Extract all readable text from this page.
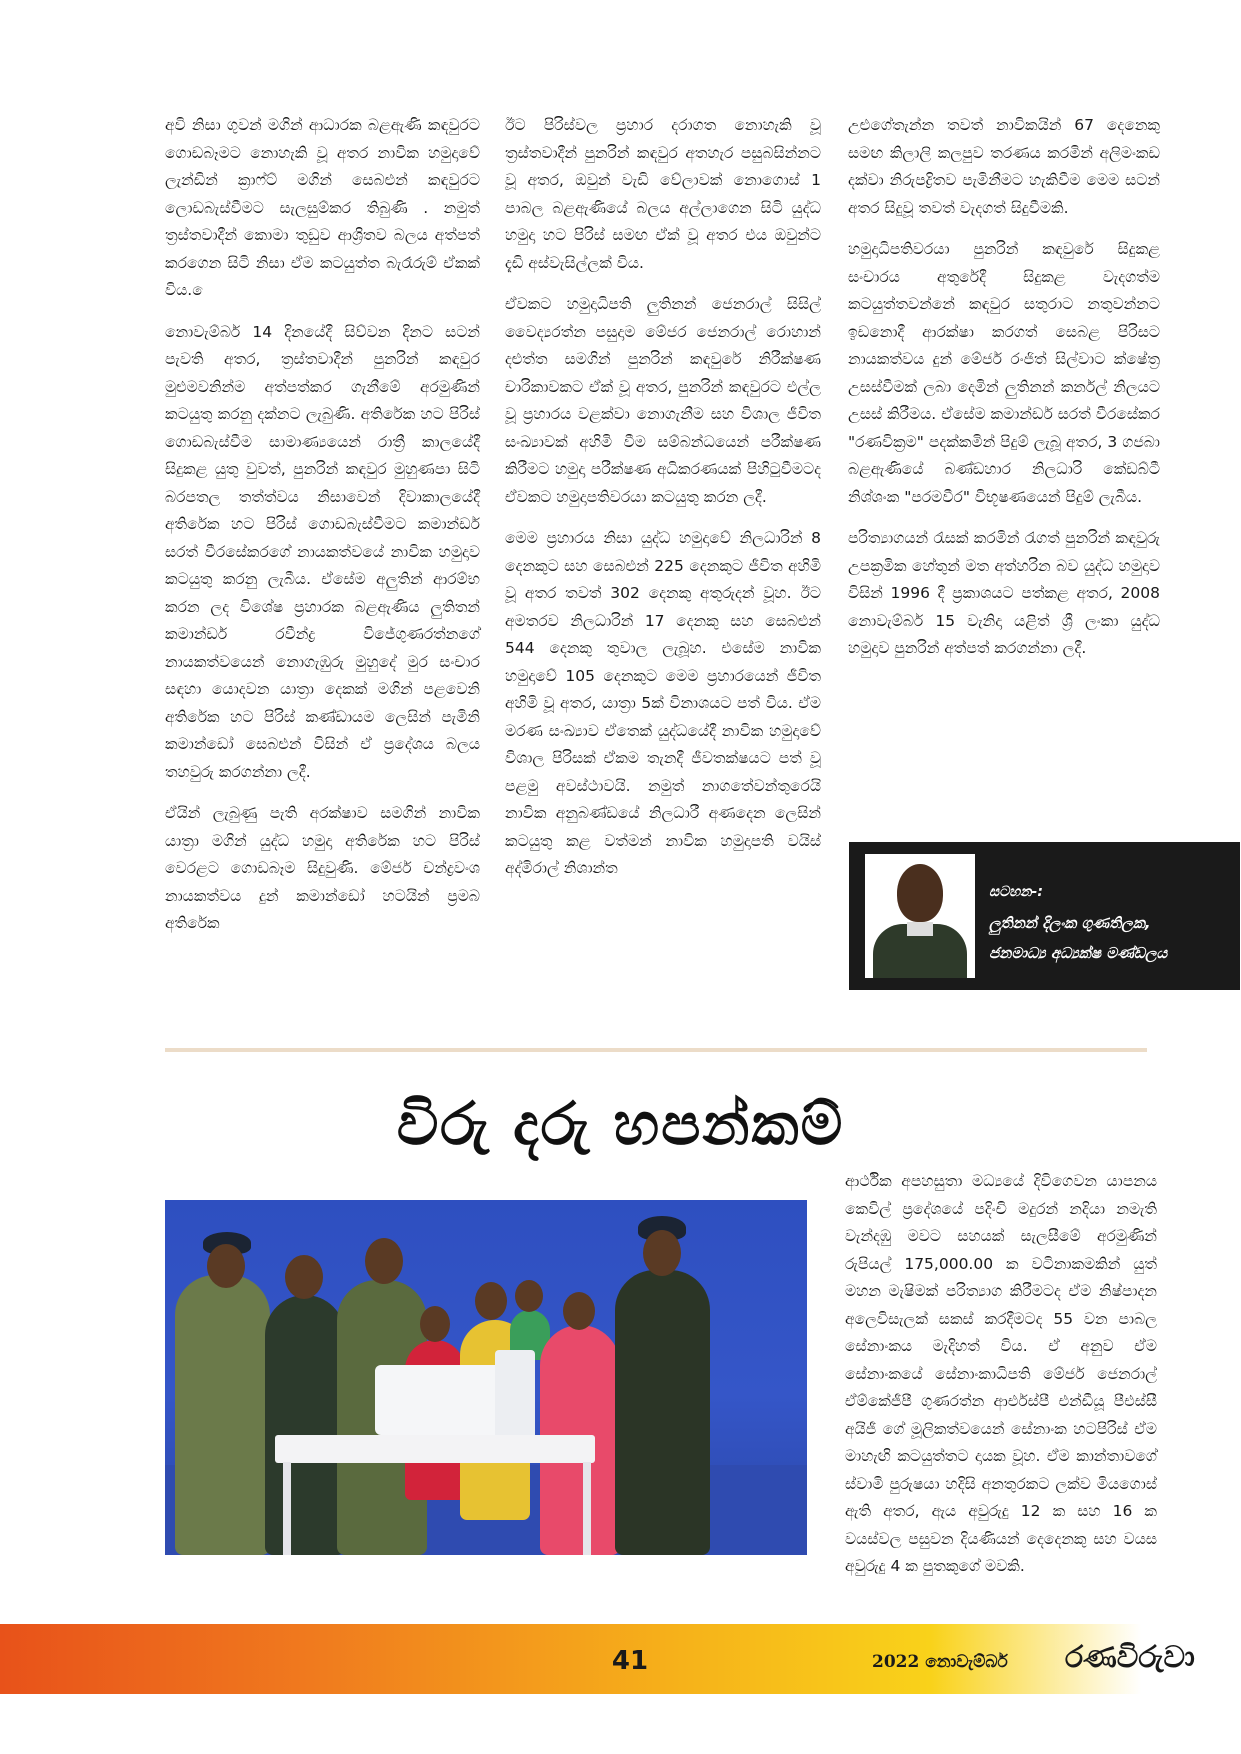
අවි නිසා ගුවන් මගින් ආධාරක බළඇණි කඳවුරට ගොඩබෑමට නොහැකි වූ අතර නාවික හමුදාවේ ලැන්ඩින් ක්‍රාෆ්ට් මගින් සෙබළුන් කඳවුරට ලොඩබැස්වීමට සැලසුම්කර තිබුණි . නමුත් ත්‍රස්තවාදීන් කොමා තුඩුව ආශ්‍රිතව බලය අත්පත් කරගෙන සිටි නිසා ඒම කටයුත්ත බැරෑරුම් ඒකක් විය. ෙ

නොවැම්බර් 14 දිනයේදී සිව්වන දිනට සටන් පැවති අතර, ත්‍රස්තවාදීන් පුනරින් කඳවුර මුළුමවනින්ම අත්පත්කර ගැනීමේ අරමුණින් කටයුතු කරනු දක්නට ලැබුණි. අතිරේක හට පිරිස් ගොඩබැස්වීම සාමාණ්‍යයෙන් රාත්‍රී කාලයේදී සිදුකළ යුතු වුවත්, පුනරින් කඳවුර මුහුණපා සිටි බරපතල තත්ත්වය නිසාවෙන් දිවාකාලයේදී අතිරේක හට පිරිස් ගොඩබැස්වීමට කමාන්ඩර් සරත් වීරසේකරගේ නායකත්වයේ නාවික හමුදාව කටයුතු කරනු ලැබීය. ඒසේම අලුතින් ආරම්භ කරන ලද විශේෂ ප්‍රහාරක බළඇණිය ලුතිතන් කමාන්ඩර් රවීන්ද්‍ර විජේගුණරත්නගේ නායකත්වයෙන් නොගැඹුරු මුහුදේ මුර සංචාර සඳහා යොදවන යාත්‍රා දෙකක් මගින් පළවෙනි අතිරේක හට පිරිස් කණ්ඩායම ලෙසින් පැමිනි කමාන්ඩෝ සෙබළුන් විසින් ඒ ප්‍රදේශය බලය තහවුරු කරගන්නා ලදී.

ඒයින් ලැබුණු පැති අරක්ෂාව සමගින් නාවික යාත්‍රා මගින් යුද්ධ හමුදා අතිරේක හට පිරිස් වෙරළට ගොඩබෑම සිදුවුණි. මේජර් චන්ද්‍රවංශ නායකත්වය දුන් කමාන්ඩෝ හටයින් ප්‍රමබ අතිරේක

ඊට පිරිස්වල ප්‍රහාර දරාගත නොහැකි වූ ත්‍රස්තවාදීන් පුනරින් කඳවුර අතහැර පසුබසින්නට වූ අතර, ඔවුන් වැඩි වේලාවක් නොගොස් 1 පාබල බළඇණියේ බලය අල්ලාගෙන සිටි යුද්ධ හමුදා හට පිරිස් සමඟ ඒක් වූ අතර එය ඔවුන්ට දැඩි අස්වැසිල්ලක් විය.

ඒවකට හමුදාධිපති ලුතිනන් ජෙනරාල් සිසිල් වෛද්‍යරත්න පසුදාම මේජර ජෙනරාල් රොහාන් දළුත්ත සමගින් පුනරින් කඳවුරේ නිරීක්ෂණ චාරිකාවකට ඒක් වූ අතර, පුනරින් කඳවුරට එල්ල වූ ප්‍රහාරය වළක්වා නොගැනීම සහ විශාල ජීවිත සංඛ්‍යාවක් අහිමි වීම සම්බන්ධයෙන් පරීක්ෂණ කිරීමට හමුදා පරීක්ෂණ අධිකරණයක් පිහිටුවීමටද ඒවකට හමුදාපතිවරයා කටයුතු කරන ලදී.

මෙම ප්‍රහාරය නිසා යුද්ධ හමුදාවේ නිලධාරින් 8 දෙනකුට සහ සෙබළුන් 225 දෙනකුට ජීවිත අහිමි වූ අතර තවත් 302 දෙනකු අතුරුදන් වූහ. ඊට අමතරව නිලධාරින් 17 දෙනකු සහ සෙබළුන් 544 දෙනකු තුවාල ලැබූහ. එසේම නාවික හමුදාවේ 105 දෙනකුට මෙම ප්‍රහාරයෙන් ජීවිත අහිමි වූ අතර, යාත්‍රා 5ක් විනාශයට පත් විය. ඒම මරණ සංඛ්‍යාව ඒතෙක් යුද්ධයේදී නාවික හමුදාවේ විශාල පිරිසක් ඒකම තැනදී ජීවතක්ෂයට පත් වූ පළමු අවස්ථාවයි. නමුත් නාගතේවන්තුරෙයි නාවික අනුබණ්ඩයේ නිලධාරී අණදෙන ලෙසින් කටයුතු කළ වත්මන් නාවික හමුදාපති වයිස් අද්මිරාල් නිශාන්ත

උළුගේතැන්න තවත් නාවිකයින් 67 දෙනෙකු සමඟ කිලාලි කලපුව තරණය කරමින් අලිමංකඩ දක්වා නිරුපද්‍රිතව පැමිනීමට හැකිවීම මෙම සටන් අතර සිදුවූ තවත් වැදගත් සිදුවීමකි.

හමුදාධිපතිවරයා පුනරින් කඳවුරේ සිදුකළ සංචාරය අතුරේදී සිදුකළ වැදගත්ම කටයුත්තවන්නේ කඳවුර සතුරාට නතුවන්නට ඉඩනොදී ආරක්ෂා කරගත් සෙබළ පිරිසට නායකත්වය දුන් මේජර් රංජිත් සිල්වාට ක්ෂේත්‍ර උසස්වීමක් ලබා දෙමින් ලුතිනන් කර්නල් නිලයට උසස් කිරීමය. ඒසේම කමාන්ඩර් සරත් වීරසේකර "රණවික්‍රම" පදක්කමින් පිදුම් ලැබූ අතර, 3 ගජබා බළඇණියේ බණ්ඩහාර නිලධාරි කේඩබ්ටී නිශ්ශංක "පරමවීර" විභූෂණයෙන් පිදුම් ලැබීය.

පරිත්‍යාගයන් රැසක් කරමින් රැගත් පුනරින් කඳවුරු උපක්‍රමික හේතුන් මත අත්හරින බව යුද්ධ හමුදාව විසින් 1996 දී ප්‍රකාශයට පත්කළ අතර, 2008 නොවැම්බර් 15 වැනිදා යළිත් ශ්‍රී ලංකා යුද්ධ හමුදාව පුනරින් අත්පත් කරගන්නා ලදී.

සටහන-:
ලුතිනන් දිලංක ගුණතිලක,
ජනමාධ්‍ය අධ්‍යක්ෂ මණ්ඩලය
විරු දරු හපන්කම්

ආර්ථික අපහසුතා මධ්‍යයේ දිවිගෙවන යාපනය කෙවිල් ප්‍රදේශයේ පදිංචි මදුරන් නදියා නමැති වැන්දඹු මවට සහයක් සැලසීමේ අරමුණින් රුපියල් 175,000.00 ක වටිනාකමකින් යුත් මහන මැෂිමක් පරිත්‍යාග කිරීමටද ඒම නිෂ්පාදන අලෙවිසැලක් සකස් කරදීමටද 55 වන පාබල සේනාංකය මැදිහත් විය. ඒ අනුව ඒම සේනාංකයේ සේනාංකාධිපති මේජර් ජෙනරාල් ඒම්කේජීපී ගුණරත්න ආර්එස්පී එන්ඩීයූ පීඑස්සී අයිජී ගේ මූලිකත්වයෙන් සේනාංක හටපිරිස් ඒම මාහැඟි කටයුත්තට දායක වූහ. ඒම කාන්තාවගේ ස්වාමි පුරුෂයා හදිසි අනතුරකට ලක්ව මියගොස් ඇති අතර, ඇය අවුරුදු 12 ක සහ 16 ක වයස්වල පසුවන දියණියන් දෙදෙනකු සහ වයස අවුරුදු 4 ක පුතකුගේ මවකි.

41	2022 නොවැම්බර් රණවිරුවා
